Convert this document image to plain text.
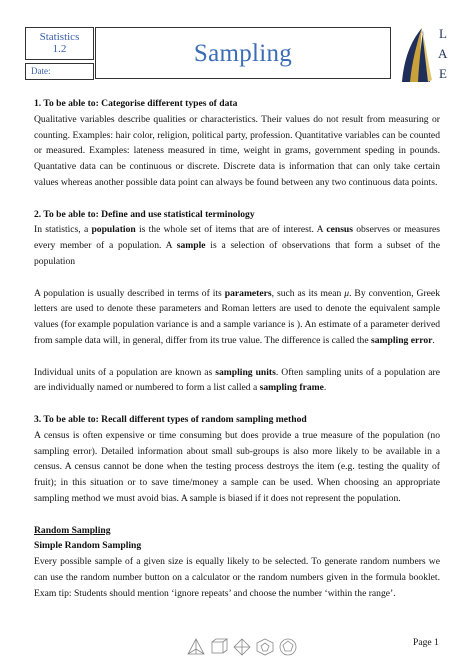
Statistics
1.2
Date:
Sampling
L
A
E

1. To be able to: Categorise different types of data

Qualitative variables describe qualities or characteristics. Their values do not result from measuring or counting. Examples: hair color, religion, political party, profession. Quantitative variables can be counted or measured. Examples: lateness measured in time, weight in grams, government speding in pounds. Quantative data can be continuous or discrete. Discrete data is information that can only take certain values whereas another possible data point can always be found between any two continuous data points.

2. To be able to: Define and use statistical terminology

In statistics, a population is the whole set of items that are of interest. A census observes or measures every member of a population. A sample is a selection of observations that form a subset of the population

A population is usually described in terms of its parameters, such as its mean μ. By convention, Greek letters are used to denote these parameters and Roman letters are used to denote the equivalent sample values (for example population variance is and a sample variance is ). An estimate of a parameter derived from sample data will, in general, differ from its true value. The difference is called the sampling error.

Individual units of a population are known as sampling units. Often sampling units of a population are are individually named or numbered to form a list called a sampling frame.

3. To be able to: Recall different types of random sampling method

A census is often expensive or time consuming but does provide a true measure of the population (no sampling error). Detailed information about small sub-groups is also more likely to be available in a census. A census cannot be done when the testing process destroys the item (e.g. testing the quality of fruit); in this situation or to save time/money a sample can be used. When choosing an appropriate sampling method we must avoid bias. A sample is biased if it does not represent the population.

Random Sampling

Simple Random Sampling

Every possible sample of a given size is equally likely to be selected. To generate random numbers we can use the random number button on a calculator or the random numbers given in the formula booklet. Exam tip: Students should mention ‘ignore repeats’ and choose the number ‘within the range’.

Page 1
